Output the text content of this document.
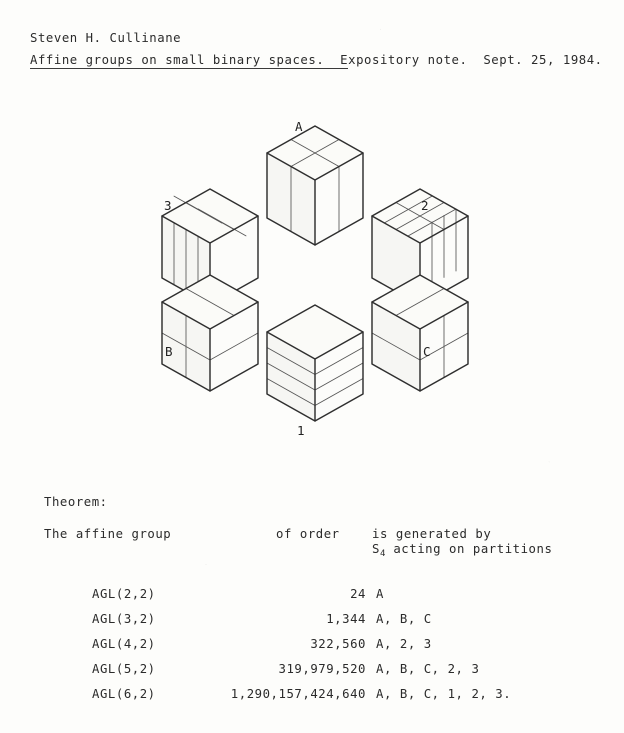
Steven H. Cullinane
Affine groups on small binary spaces.  Expository note.  Sept. 25, 1984.
A
3	2
B	C
1
Theorem:
The affine group	of order	is generated by
$S_4$ acting on partitions
AGL(2,2)	24 A
AGL(3,2)	1,344 A, B, C
AGL(4,2)	322,560 A, 2, 3
AGL(5,2)	319,979,520 A, B, C, 2, 3
AGL(6,2)	1,290,157,424,640 A, B, C, 1, 2, 3.
